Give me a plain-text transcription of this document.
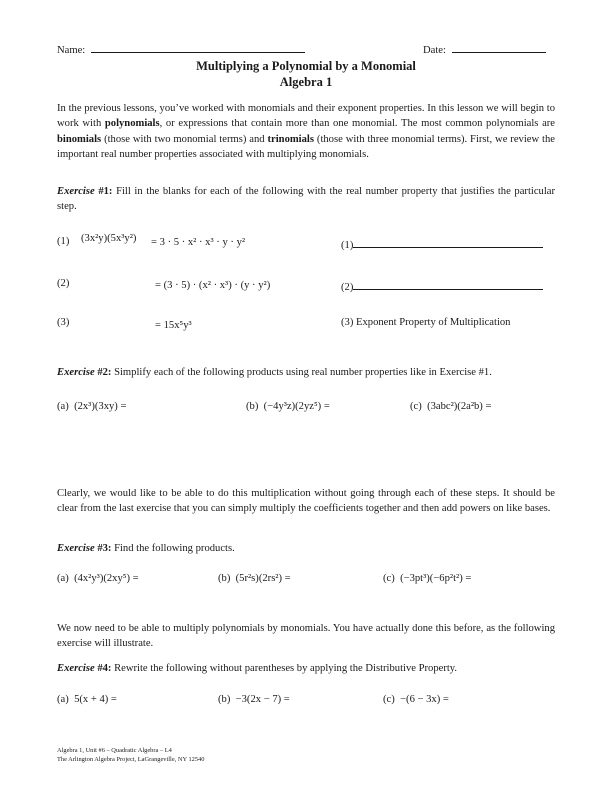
Name:	Date:
Multiplying a Polynomial by a Monomial
Algebra 1
In the previous lessons, you’ve worked with monomials and their exponent properties. In this lesson we will begin to work with polynomials, or expressions that contain more than one monomial. The most common polynomials are binomials (those with two monomial terms) and trinomials (those with three monomial terms). First, we review the important real number properties associated with multiplying monomials.
Exercise #1: Fill in the blanks for each of the following with the real number property that justifies the particular step.
(1) (3x²y)(5x³y²) = 3 · 5 · x² · x³ · y · y²	(1)
(2)	= (3 · 5) · (x² · x³) · (y · y²)	(2)
(3)	= 15x⁵y³	(3) Exponent Property of Multiplication
Exercise #2: Simplify each of the following products using real number properties like in Exercise #1.
(a) (2x³)(3xy) =	(b) (−4y³z)(2yz⁵) =	(c) (3abc²)(2a²b) =
Clearly, we would like to be able to do this multiplication without going through each of these steps. It should be clear from the last exercise that you can simply multiply the coefficients together and then add powers on like bases.
Exercise #3: Find the following products.
(a) (4x²y³)(2xy⁵) =	(b) (5r²s)(2rs²) =	(c) (−3pt³)(−6p²t²) =
We now need to be able to multiply polynomials by monomials. You have actually done this before, as the following exercise will illustrate.
Exercise #4: Rewrite the following without parentheses by applying the Distributive Property.
(a) 5(x + 4) =	(b) −3(2x − 7) =	(c) −(6 − 3x) =
Algebra 1, Unit #6 – Quadratic Algebra – L4
The Arlington Algebra Project, LaGrangeville, NY 12540
